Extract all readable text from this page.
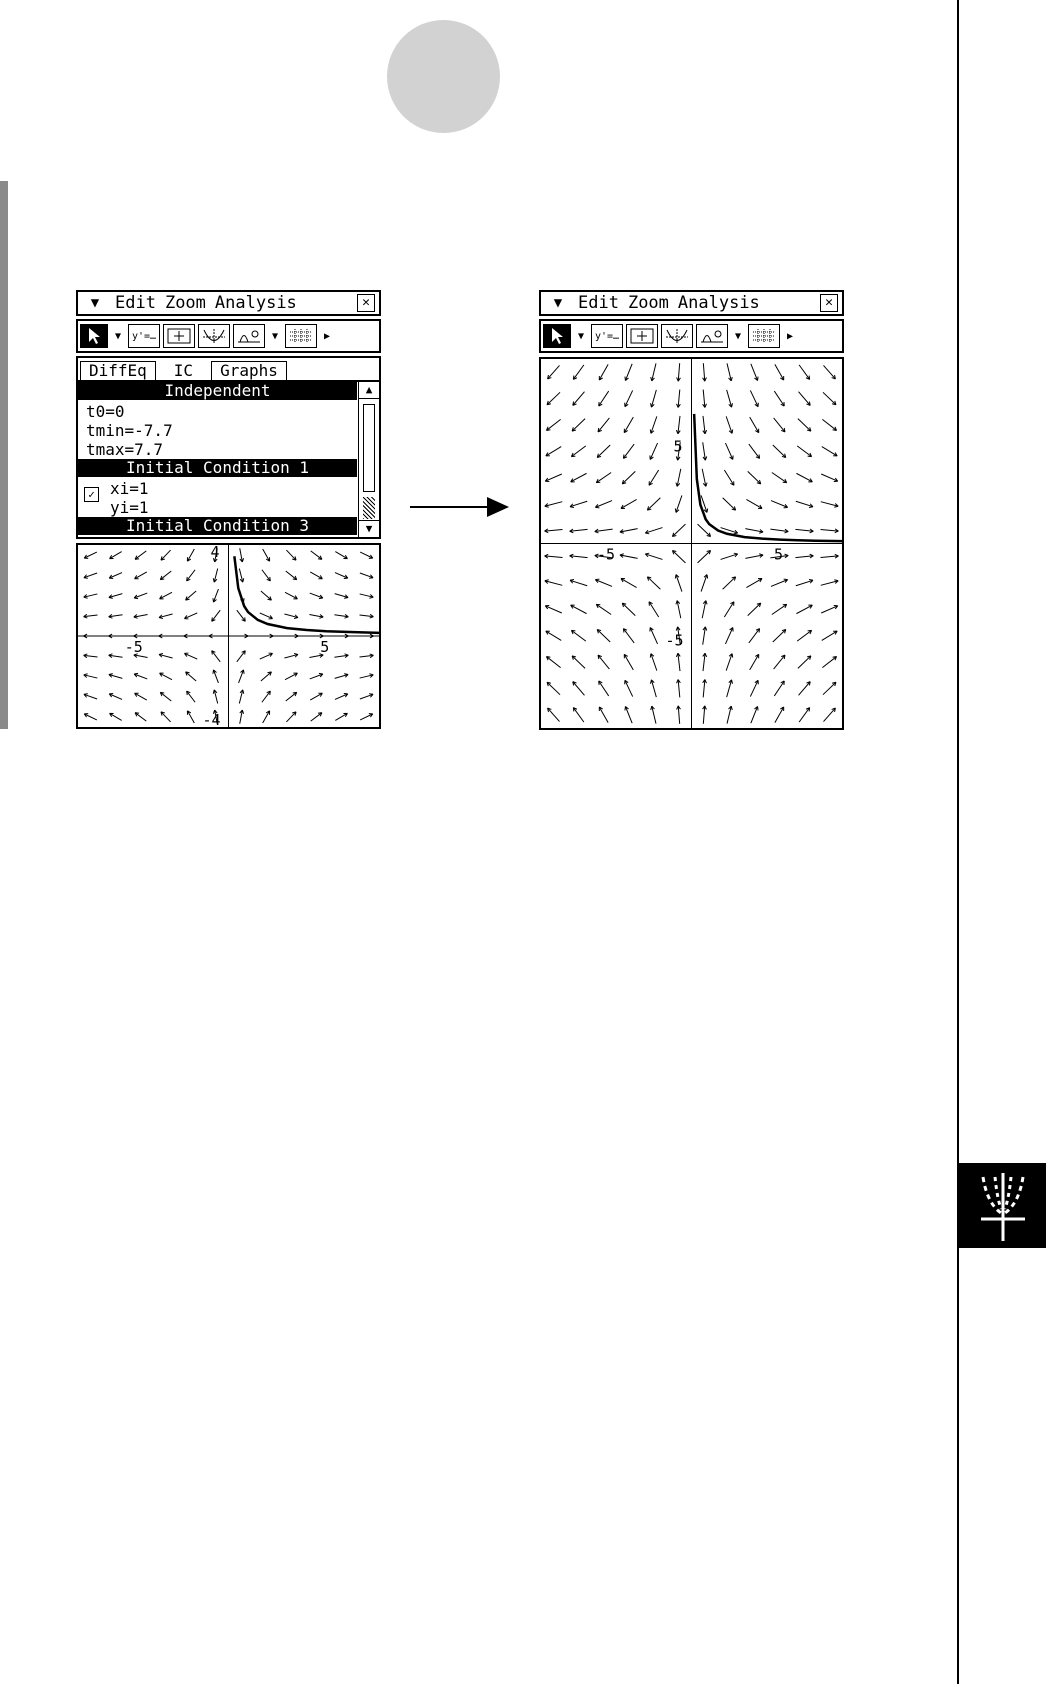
▼ Edit Zoom Analysis	✕
▼	y'=…	▼	▶
DiffEq	IC	Graphs
Independent
t0=0
tmin=-7.7
tmax=7.7
Initial Condition 1
✓ xi=1
yi=1
Initial Condition 3
▲
▼
-5	5
4
-4
▼ Edit Zoom Analysis	✕
▼	y'=…	▼	▶
-5	5
5
-5
